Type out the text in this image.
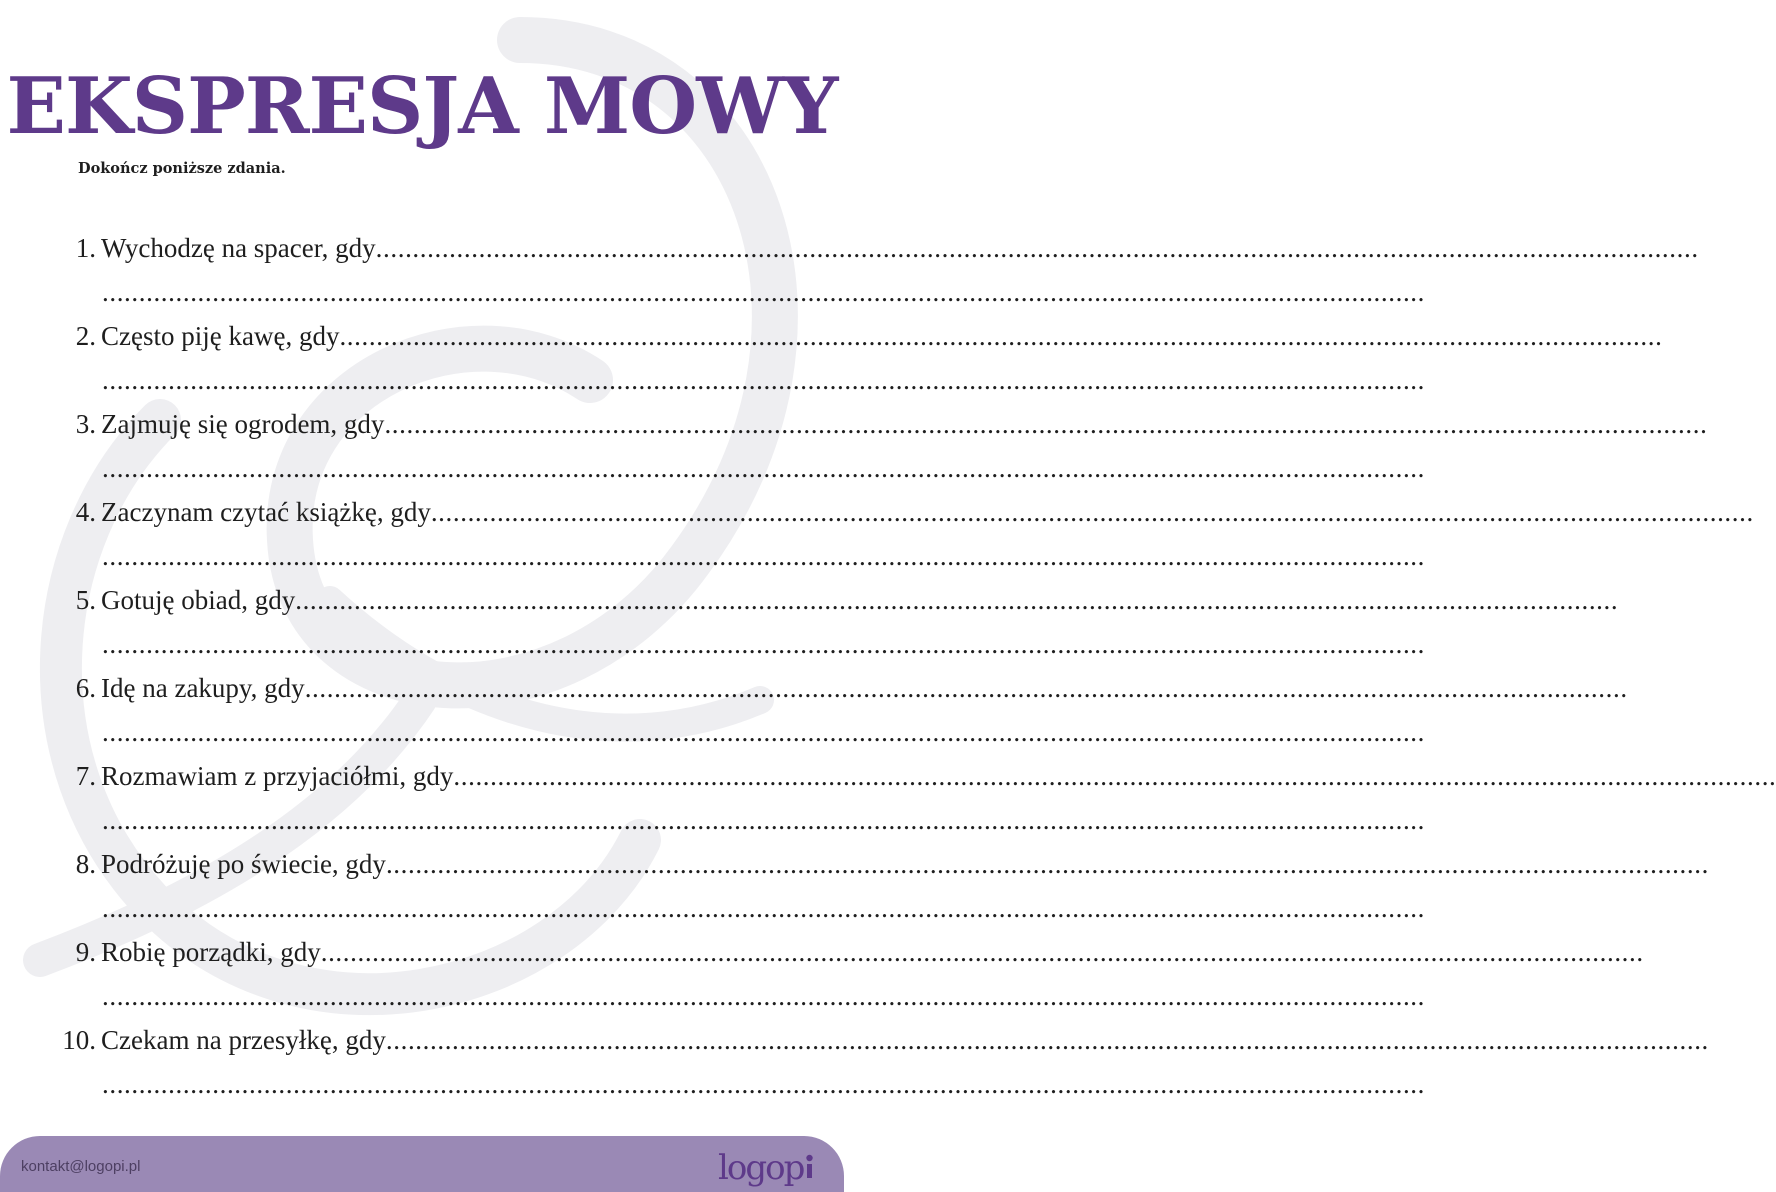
EKSPRESJA MOWY
Dokończ poniższe zdania.
1. Wychodzę na spacer, gdy ....................................................................................................................................................................................
....................................................................................................................................................................................
2. Często piję kawę, gdy ....................................................................................................................................................................................
....................................................................................................................................................................................
3. Zajmuję się ogrodem, gdy ....................................................................................................................................................................................
....................................................................................................................................................................................
4. Zaczynam czytać książkę, gdy ....................................................................................................................................................................................
....................................................................................................................................................................................
5. Gotuję obiad, gdy ....................................................................................................................................................................................
....................................................................................................................................................................................
6. Idę na zakupy, gdy ....................................................................................................................................................................................
....................................................................................................................................................................................
7. Rozmawiam z przyjaciółmi, gdy ....................................................................................................................................................................................
....................................................................................................................................................................................
8. Podróżuję po świecie, gdy ....................................................................................................................................................................................
....................................................................................................................................................................................
9. Robię porządki, gdy ....................................................................................................................................................................................
....................................................................................................................................................................................
10. Czekam na przesyłkę, gdy ....................................................................................................................................................................................
....................................................................................................................................................................................
kontakt@logopi.pl	logop
